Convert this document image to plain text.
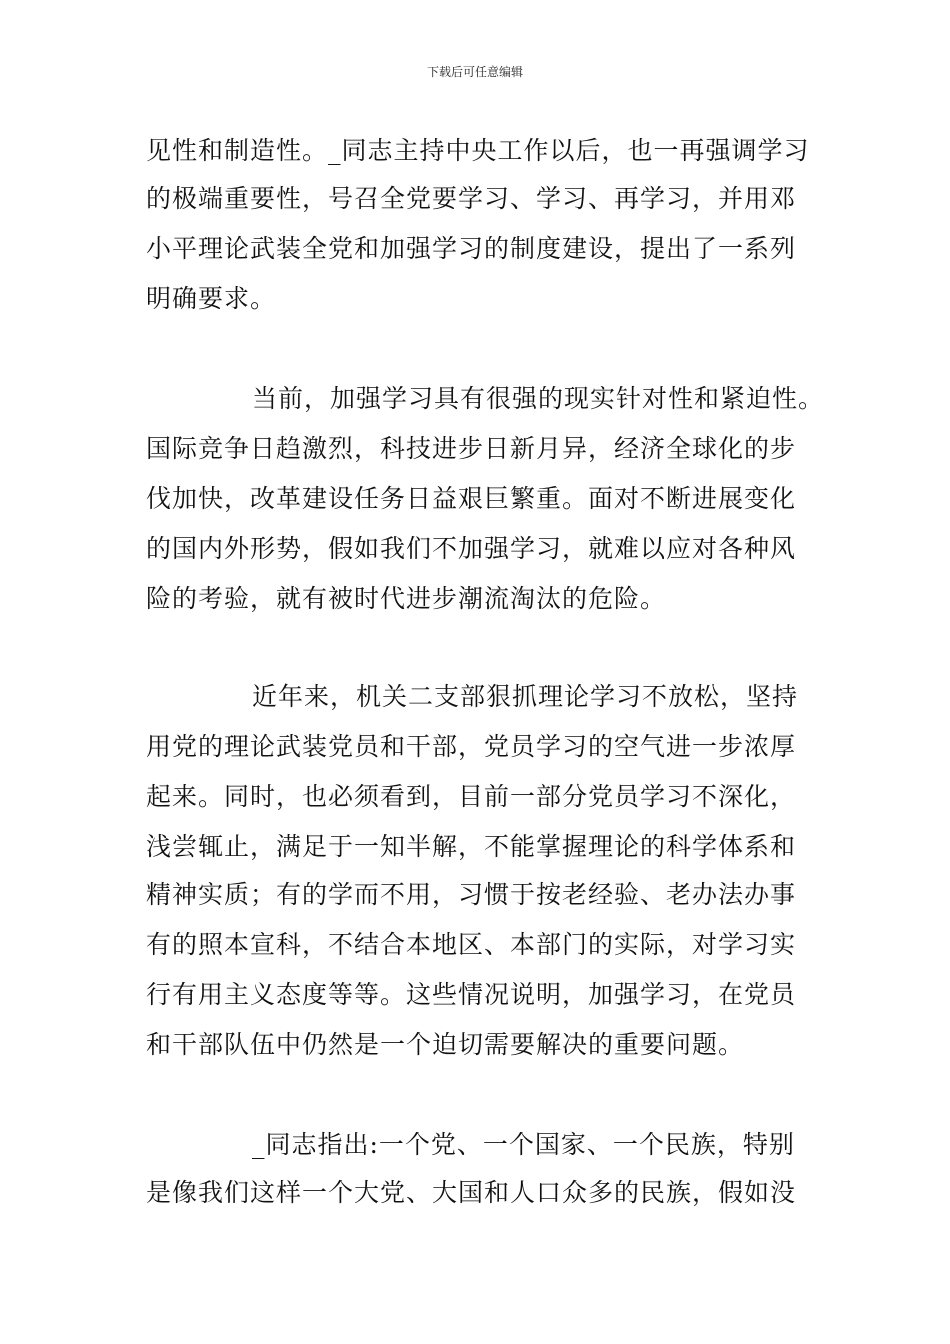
下载后可任意编辑
见性和制造性。_同志主持中央工作以后，也一再强调学习
的极端重要性，号召全党要学习、学习、再学习，并用邓
小平理论武装全党和加强学习的制度建设，提出了一系列
明确要求。
当前，加强学习具有很强的现实针对性和紧迫性。
国际竞争日趋激烈，科技进步日新月异，经济全球化的步
伐加快，改革建设任务日益艰巨繁重。面对不断进展变化
的国内外形势，假如我们不加强学习，就难以应对各种风
险的考验，就有被时代进步潮流淘汰的危险。
近年来，机关二支部狠抓理论学习不放松，坚持
用党的理论武装党员和干部，党员学习的空气进一步浓厚
起来。同时，也必须看到，目前一部分党员学习不深化，
浅尝辄止，满足于一知半解，不能掌握理论的科学体系和
精神实质；有的学而不用，习惯于按老经验、老办法办事
有的照本宣科，不结合本地区、本部门的实际，对学习实
行有用主义态度等等。这些情况说明，加强学习，在党员
和干部队伍中仍然是一个迫切需要解决的重要问题。
_同志指出:一个党、一个国家、一个民族，特别
是像我们这样一个大党、大国和人口众多的民族，假如没
